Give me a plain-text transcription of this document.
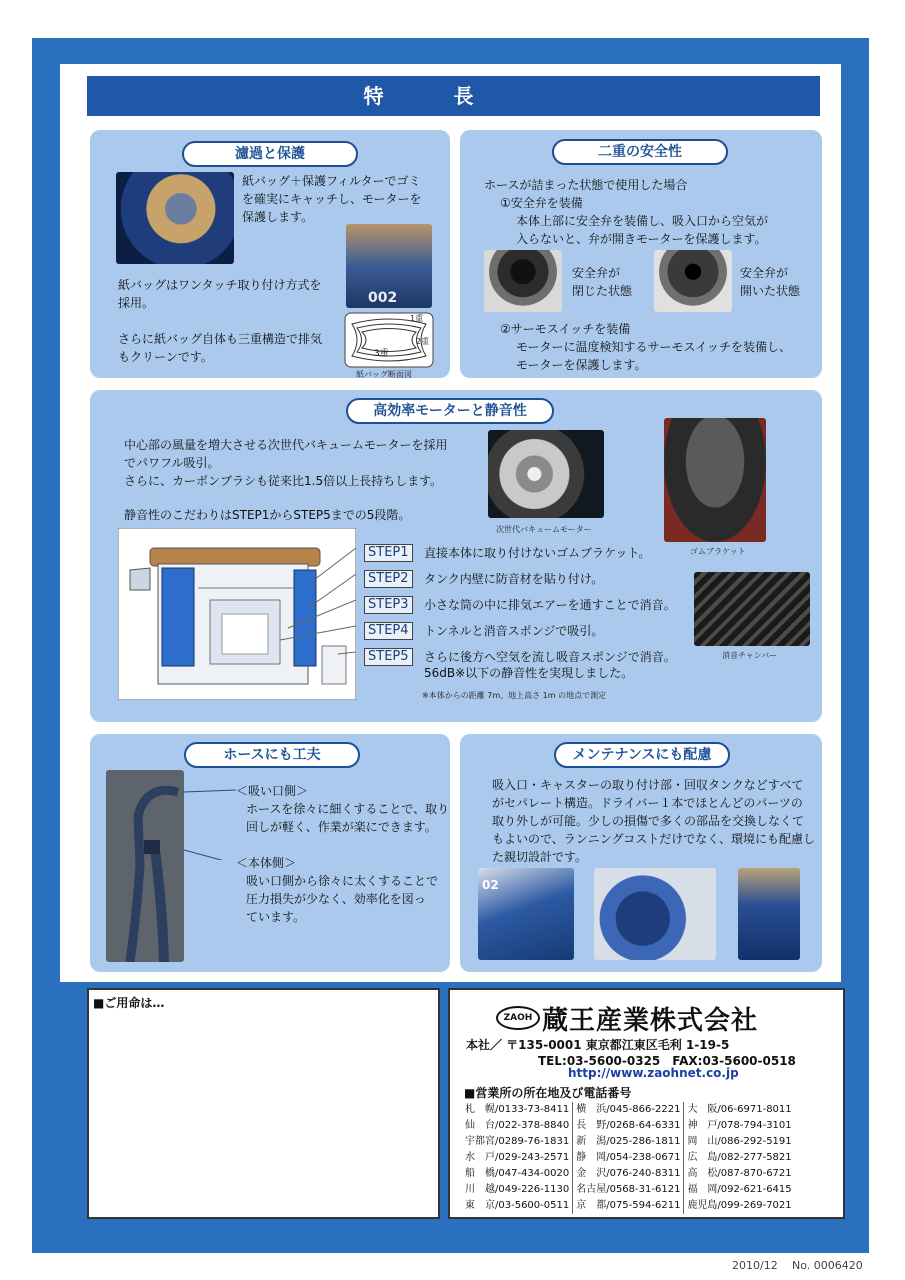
特長
濾過と保護
紙バッグ＋保護フィルターでゴミ
を確実にキャッチし、モーターを
保護します。
002
紙バッグはワンタッチ取り付け方式を
採用。
さらに紙バッグ自体も三重構造で排気
もクリーンです。
1重
2重
3重
紙バッグ断面図
二重の安全性
ホースが詰まった状態で使用した場合
①安全弁を装備
本体上部に安全弁を装備し、吸入口から空気が
入らないと、弁が開きモーターを保護します。
安全弁が
閉じた状態
安全弁が
開いた状態
②サーモスイッチを装備
モーターに温度検知するサーモスイッチを装備し、
モーターを保護します。
高効率モーターと静音性
中心部の風量を増大させる次世代バキュームモーターを採用
でパワフル吸引。
さらに、カーボンブラシも従来比1.5倍以上長持ちします。
静音性のこだわりはSTEP1からSTEP5までの5段階。
次世代バキュームモーター
ゴムブラケット
消音チャンバー
STEP1	直接本体に取り付けないゴムブラケット。
STEP2	タンク内壁に防音材を貼り付け。
STEP3	小さな筒の中に排気エアーを通すことで消音。
STEP4	トンネルと消音スポンジで吸引。
STEP5	さらに後方へ空気を流し吸音スポンジで消音。
56dB※以下の静音性を実現しました。
※本体からの距離 7m、地上高さ 1m の地点で測定
ホースにも工夫
＜吸い口側＞
ホースを徐々に細くすることで、取り
回しが軽く、作業が楽にできます。
＜本体側＞
吸い口側から徐々に太くすることで
圧力損失が少なく、効率化を図っ
ています。
メンテナンスにも配慮
吸入口・キャスターの取り付け部・回収タンクなどすべて
がセパレート構造。ドライバー１本でほとんどのパーツの
取り外しが可能。少しの損傷で多くの部品を交換しなくて
もよいので、ランニングコストだけでなく、環境にも配慮し
た親切設計です。
02
■ご用命は…
ZAOH 蔵王産業株式会社
本社／ 〒135-0001 東京都江東区毛利 1-19-5
TEL:03-5600-0325　FAX:03-5600-0518
http://www.zaohnet.co.jp
■営業所の所在地及び電話番号
札　幌/0133-73-8411	横　浜/045-866-2221	大　阪/06-6971-8011
仙　台/022-378-8840	長　野/0268-64-6331	神　戸/078-794-3101
宇都宮/0289-76-1831	新　潟/025-286-1811	岡　山/086-292-5191
水　戸/029-243-2571	静　岡/054-238-0671	広　島/082-277-5821
船　橋/047-434-0020	金　沢/076-240-8311	高　松/087-870-6721
川　越/049-226-1130	名古屋/0568-31-6121	福　岡/092-621-6415
東　京/03-5600-0511	京　都/075-594-6211	鹿児島/099-269-7021
2010/12 No. 0006420
